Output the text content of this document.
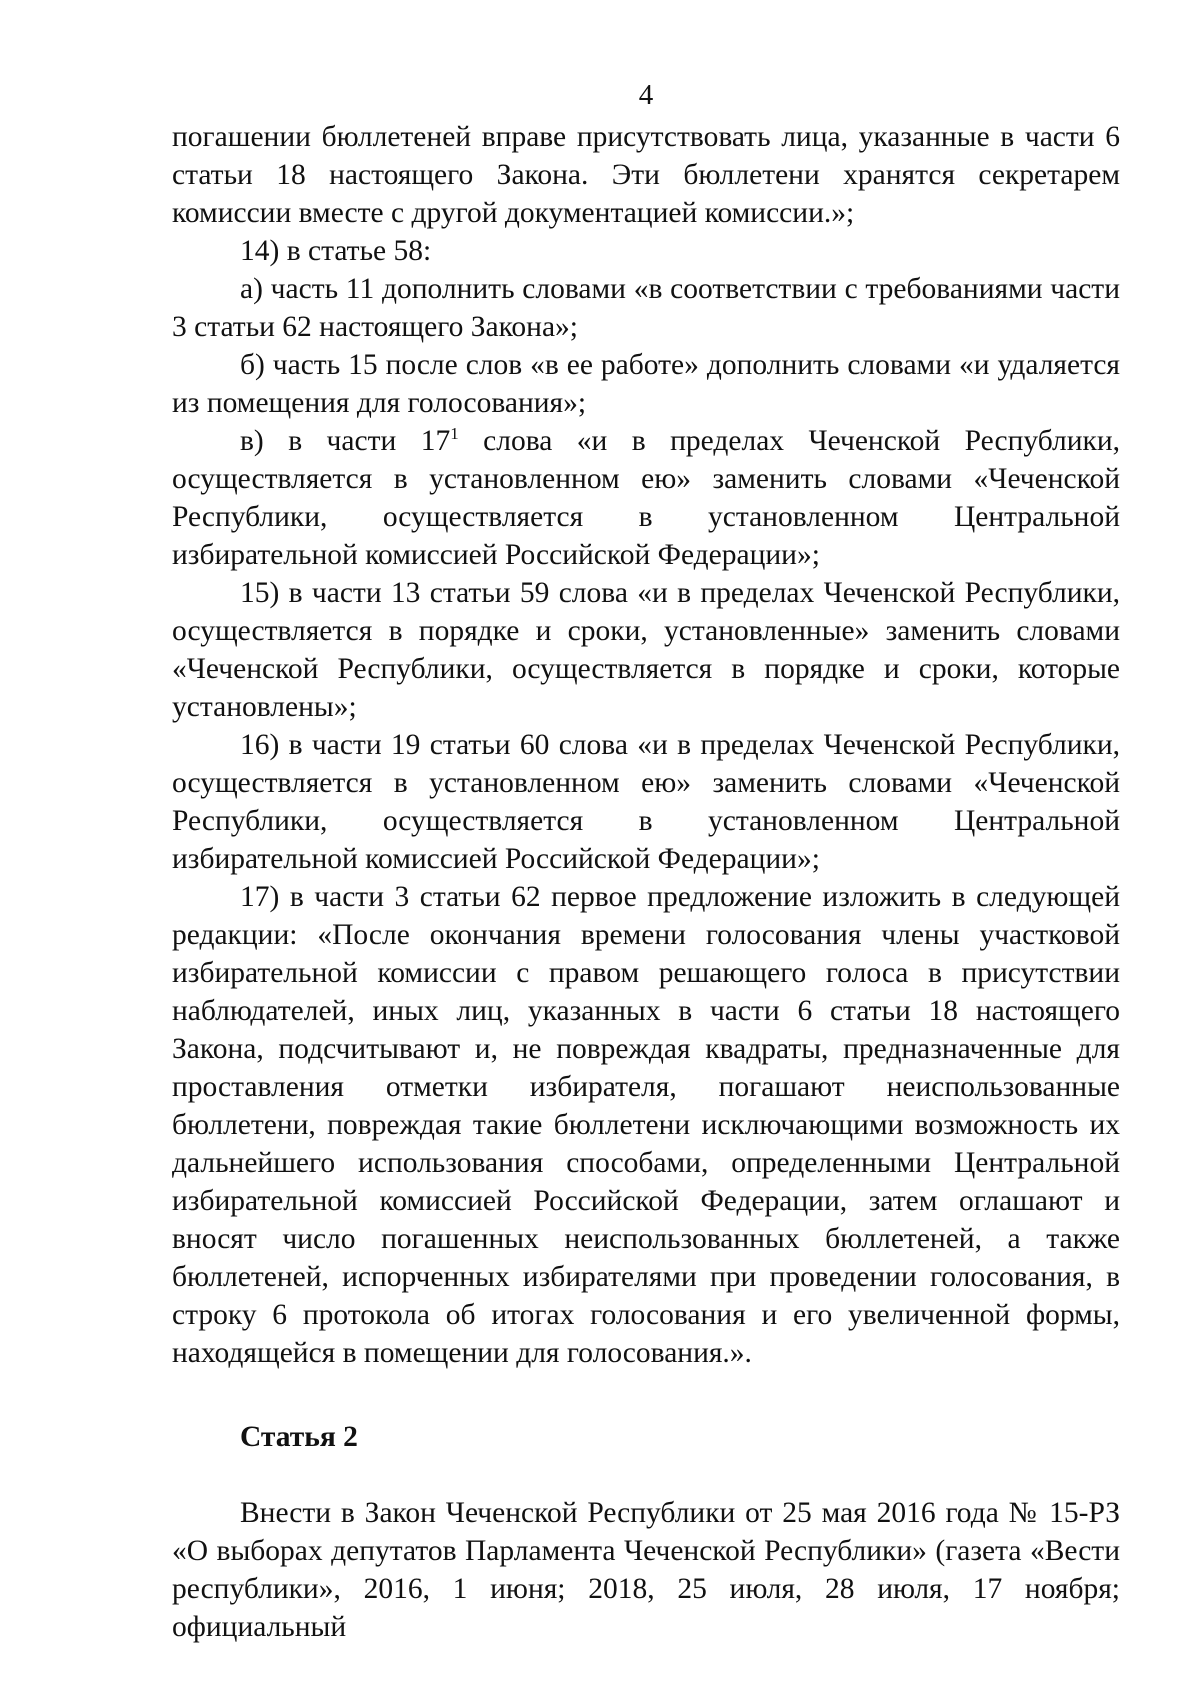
4

погашении бюллетеней вправе присутствовать лица, указанные в части 6 статьи 18 настоящего Закона. Эти бюллетени хранятся секретарем комиссии вместе с другой документацией комиссии.»;

14) в статье 58:

а) часть 11 дополнить словами «в соответствии с требованиями части 3 статьи 62 настоящего Закона»;

б) часть 15 после слов «в ее работе» дополнить словами «и удаляется из помещения для голосования»;

в) в части $17^1$ слова «и в пределах Чеченской Республики, осуществляется в установленном ею» заменить словами «Чеченской Республики, осуществляется в установленном Центральной избирательной комиссией Российской Федерации»;

15) в части 13 статьи 59 слова «и в пределах Чеченской Республики, осуществляется в порядке и сроки, установленные» заменить словами «Чеченской Республики, осуществляется в порядке и сроки, которые установлены»;

16) в части 19 статьи 60 слова «и в пределах Чеченской Республики, осуществляется в установленном ею» заменить словами «Чеченской Республики, осуществляется в установленном Центральной избирательной комиссией Российской Федерации»;

17) в части 3 статьи 62 первое предложение изложить в следующей редакции: «После окончания времени голосования члены участковой избирательной комиссии с правом решающего голоса в присутствии наблюдателей, иных лиц, указанных в части 6 статьи 18 настоящего Закона, подсчитывают и, не повреждая квадраты, предназначенные для проставления отметки избирателя, погашают неиспользованные бюллетени, повреждая такие бюллетени исключающими возможность их дальнейшего использования способами, определенными Центральной избирательной комиссией Российской Федерации, затем оглашают и вносят число погашенных неиспользованных бюллетеней, а также бюллетеней, испорченных избирателями при проведении голосования, в строку 6 протокола об итогах голосования и его увеличенной формы, находящейся в помещении для голосования.».

Статья 2

Внести в Закон Чеченской Республики от 25 мая 2016 года № 15-РЗ «О выборах депутатов Парламента Чеченской Республики» (газета «Вести республики», 2016, 1 июня; 2018, 25 июля, 28 июля, 17 ноября; официальный
